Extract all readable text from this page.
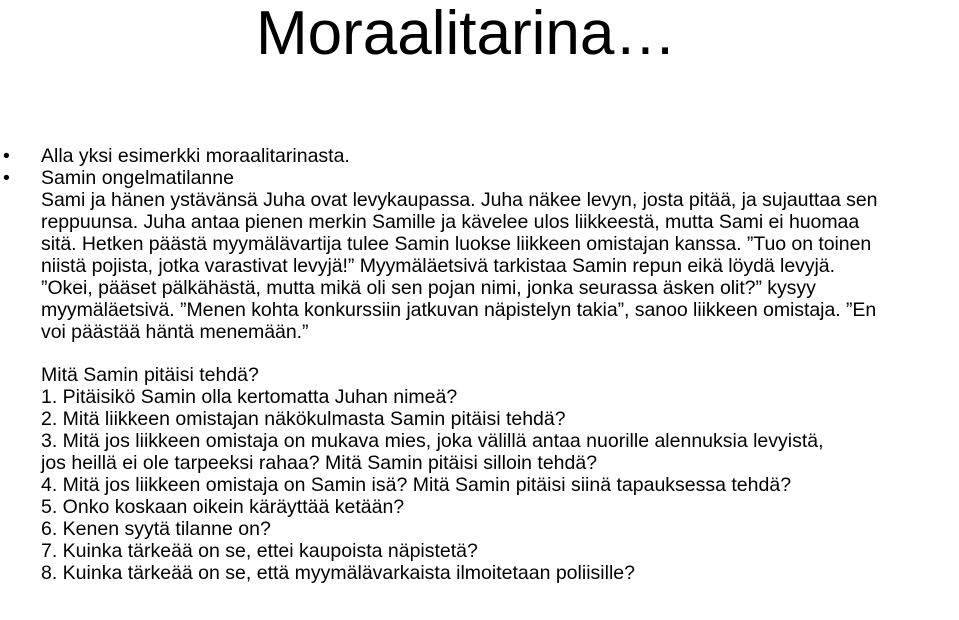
Moraalitarina…
• Alla yksi esimerkki moraalitarinasta.
• Samin ongelmatilanne
Sami ja hänen ystävänsä Juha ovat levykaupassa. Juha näkee levyn, josta pitää, ja sujauttaa sen
reppuunsa. Juha antaa pienen merkin Samille ja kävelee ulos liikkeestä, mutta Sami ei huomaa
sitä. Hetken päästä myymälävartija tulee Samin luokse liikkeen omistajan kanssa. ”Tuo on toinen
niistä pojista, jotka varastivat levyjä!” Myymäläetsivä tarkistaa Samin repun eikä löydä levyjä.
”Okei, pääset pälkähästä, mutta mikä oli sen pojan nimi, jonka seurassa äsken olit?” kysyy
myymäläetsivä. ”Menen kohta konkurssiin jatkuvan näpistelyn takia”, sanoo liikkeen omistaja. ”En
voi päästää häntä menemään.”
Mitä Samin pitäisi tehdä?
1. Pitäisikö Samin olla kertomatta Juhan nimeä?
2. Mitä liikkeen omistajan näkökulmasta Samin pitäisi tehdä?
3. Mitä jos liikkeen omistaja on mukava mies, joka välillä antaa nuorille alennuksia levyistä,
jos heillä ei ole tarpeeksi rahaa? Mitä Samin pitäisi silloin tehdä?
4. Mitä jos liikkeen omistaja on Samin isä? Mitä Samin pitäisi siinä tapauksessa tehdä?
5. Onko koskaan oikein käräyttää ketään?
6. Kenen syytä tilanne on?
7. Kuinka tärkeää on se, ettei kaupoista näpistetä?
8. Kuinka tärkeää on se, että myymälävarkaista ilmoitetaan poliisille?
